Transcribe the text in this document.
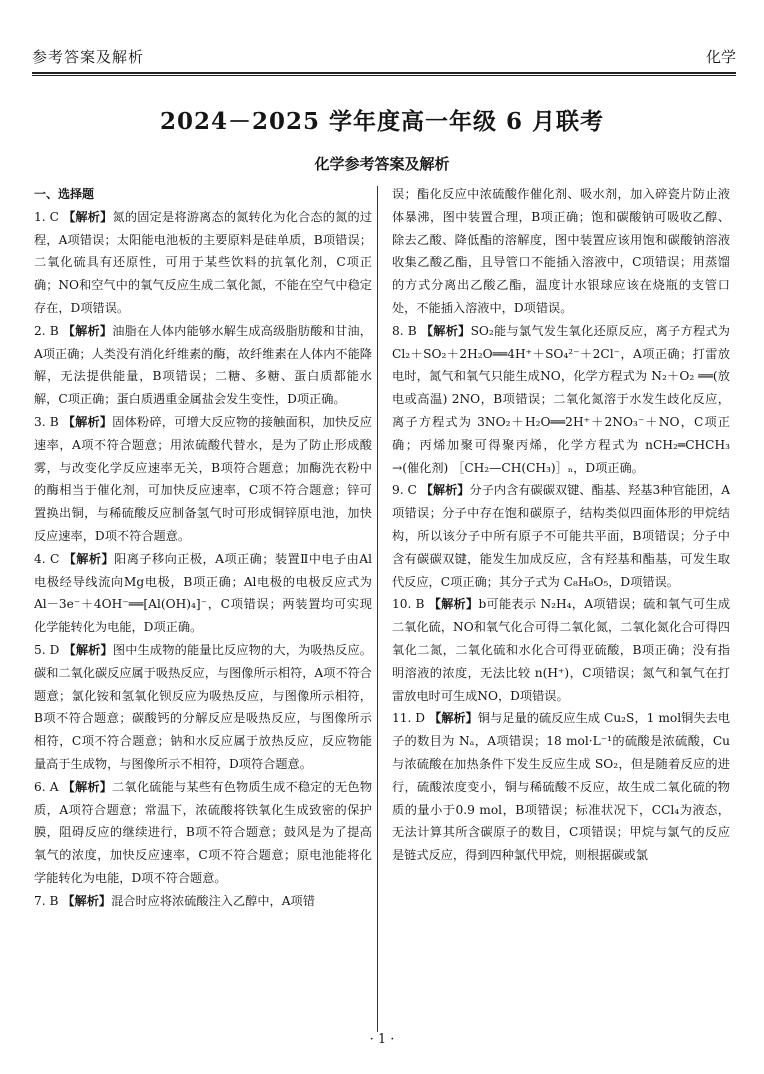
参考答案及解析	化学
2024－2025 学年度高一年级 6 月联考
化学参考答案及解析
一、选择题

1. C 【解析】氮的固定是将游离态的氮转化为化合态的氮的过程，A项错误；太阳能电池板的主要原料是硅单质，B项错误；二氧化硫具有还原性，可用于某些饮料的抗氧化剂，C项正确；NO和空气中的氧气反应生成二氧化氮，不能在空气中稳定存在，D项错误。

2. B 【解析】油脂在人体内能够水解生成高级脂肪酸和甘油，A项正确；人类没有消化纤维素的酶，故纤维素在人体内不能降解，无法提供能量，B项错误；二糖、多糖、蛋白质都能水解，C项正确；蛋白质遇重金属盐会发生变性，D项正确。

3. B 【解析】固体粉碎，可增大反应物的接触面积，加快反应速率，A项不符合题意；用浓硫酸代替水，是为了防止形成酸雾，与改变化学反应速率无关，B项符合题意；加酶洗衣粉中的酶相当于催化剂，可加快反应速率，C项不符合题意；锌可置换出铜，与稀硫酸反应制备氢气时可形成铜锌原电池，加快反应速率，D项不符合题意。

4. C 【解析】阳离子移向正极，A项正确；装置Ⅱ中电子由Al电极经导线流向Mg电极，B项正确；Al电极的电极反应式为 Al－3e⁻＋4OH⁻══[Al(OH)₄]⁻，C项错误；两装置均可实现化学能转化为电能，D项正确。

5. D 【解析】图中生成物的能量比反应物的大，为吸热反应。碳和二氧化碳反应属于吸热反应，与图像所示相符，A项不符合题意；氯化铵和氢氧化钡反应为吸热反应，与图像所示相符，B项不符合题意；碳酸钙的分解反应是吸热反应，与图像所示相符，C项不符合题意；钠和水反应属于放热反应，反应物能量高于生成物，与图像所示不相符，D项符合题意。

6. A 【解析】二氧化硫能与某些有色物质生成不稳定的无色物质，A项符合题意；常温下，浓硫酸将铁氧化生成致密的保护膜，阻碍反应的继续进行，B项不符合题意；鼓风是为了提高氧气的浓度，加快反应速率，C项不符合题意；原电池能将化学能转化为电能，D项不符合题意。

7. B 【解析】混合时应将浓硫酸注入乙醇中，A项错

误；酯化反应中浓硫酸作催化剂、吸水剂，加入碎瓷片防止液体暴沸，图中装置合理，B项正确；饱和碳酸钠可吸收乙醇、除去乙酸、降低酯的溶解度，图中装置应该用饱和碳酸钠溶液收集乙酸乙酯，且导管口不能插入溶液中，C项错误；用蒸馏的方式分离出乙酸乙酯，温度计水银球应该在烧瓶的支管口处，不能插入溶液中，D项错误。

8. B 【解析】SO₂能与氯气发生氧化还原反应，离子方程式为 Cl₂＋SO₂＋2H₂O══4H⁺＋SO₄²⁻＋2Cl⁻，A项正确；打雷放电时，氮气和氧气只能生成NO，化学方程式为 N₂＋O₂ ══(放电或高温) 2NO，B项错误；二氧化氮溶于水发生歧化反应，离子方程式为 3NO₂＋H₂O══2H⁺＋2NO₃⁻＋NO，C项正确；丙烯加聚可得聚丙烯，化学方程式为 nCH₂═CHCH₃ →(催化剂) ［CH₂—CH(CH₃)］ₙ，D项正确。

9. C 【解析】分子内含有碳碳双键、酯基、羟基3种官能团，A项错误；分子中存在饱和碳原子，结构类似四面体形的甲烷结构，所以该分子中所有原子不可能共平面，B项错误；分子中含有碳碳双键，能发生加成反应，含有羟基和酯基，可发生取代反应，C项正确；其分子式为 C₈H₈O₅，D项错误。

10. B 【解析】b可能表示 N₂H₄，A项错误；硫和氧气可生成二氧化硫，NO和氧气化合可得二氧化氮，二氧化氮化合可得四氧化二氮，二氧化硫和水化合可得亚硫酸，B项正确；没有指明溶液的浓度，无法比较 n(H⁺)，C项错误；氮气和氧气在打雷放电时可生成NO，D项错误。

11. D 【解析】铜与足量的硫反应生成 Cu₂S，1 mol铜失去电子的数目为 Nₐ，A项错误；18 mol·L⁻¹的硫酸是浓硫酸，Cu与浓硫酸在加热条件下发生反应生成 SO₂，但是随着反应的进行，硫酸浓度变小，铜与稀硫酸不反应，故生成二氧化硫的物质的量小于0.9 mol，B项错误；标准状况下，CCl₄为液态，无法计算其所含碳原子的数目，C项错误；甲烷与氯气的反应是链式反应，得到四种氯代甲烷，则根据碳或氯

· 1 ·
